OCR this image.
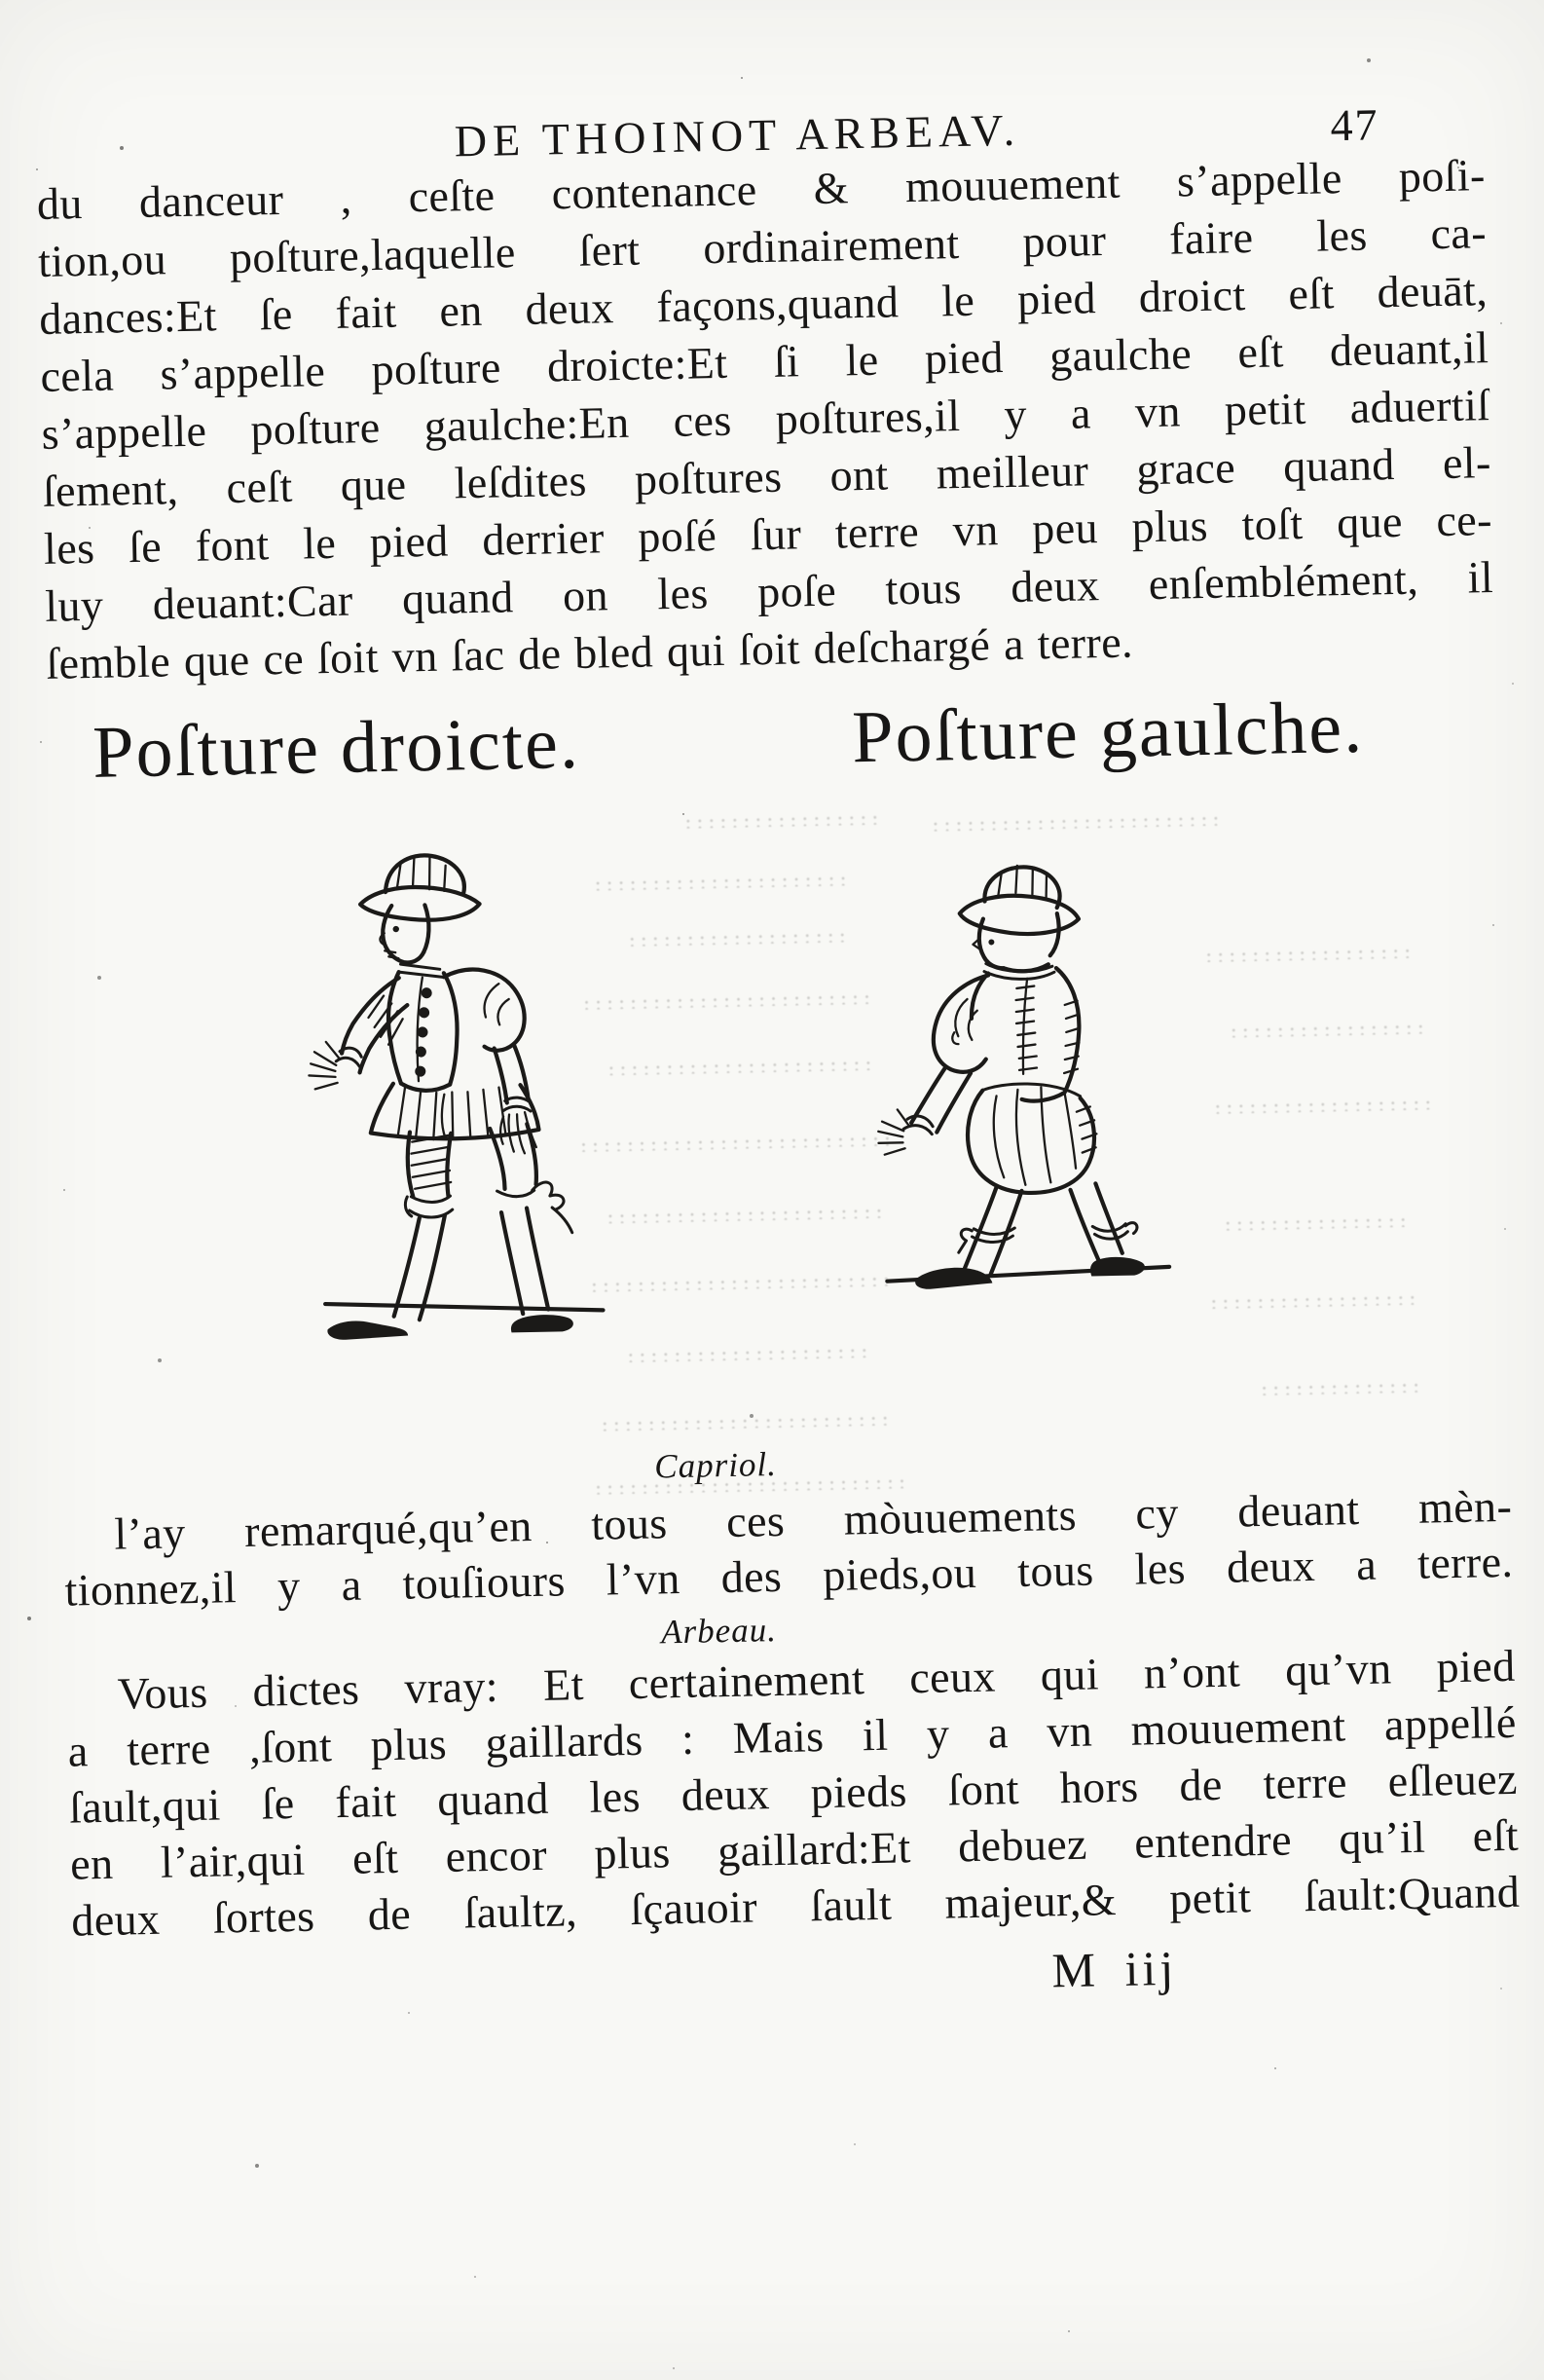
DE THOINOT ARBEAV.	47
du danceur , ceſte contenance & mouuement s’appelle poſi-
tion,ou poſture,laquelle ſert ordinairement pour faire les ca-
dances:Et ſe fait en deux façons,quand le pied droict eſt deuāt,
cela s’appelle poſture droicte:Et ſi le pied gaulche eſt deuant,il
s’appelle poſture gaulche:En ces poſtures,il y a vn petit aduertiſ
ſement, ceſt que leſdites poſtures ont meilleur grace quand el-
les ſe font le pied derrier poſé ſur terre vn peu plus toſt que ce-
luy deuant:Car quand on les poſe tous deux enſemblément, il
ſemble que ce ſoit vn ſac de bled qui ſoit deſchargé a terre.
Poſture droicte.	Poſture gaulche.
Capriol.
l’ay remarqué,qu’en tous ces mòuuements cy deuant mèn-
tionnez,il y a touſiours l’vn des pieds,ou tous les deux a terre.
Arbeau.
Vous dictes vray: Et certainement ceux qui n’ont qu’vn pied
a terre ,ſont plus gaillards : Mais il y a vn mouuement appellé
ſault,qui ſe fait quand les deux pieds ſont hors de terre eſleuez
en l’air,qui eſt encor plus gaillard:Et debuez entendre qu’il eſt
deux ſortes de ſaultz, ſçauoir ſault majeur,& petit ſault:Quand
M iij
